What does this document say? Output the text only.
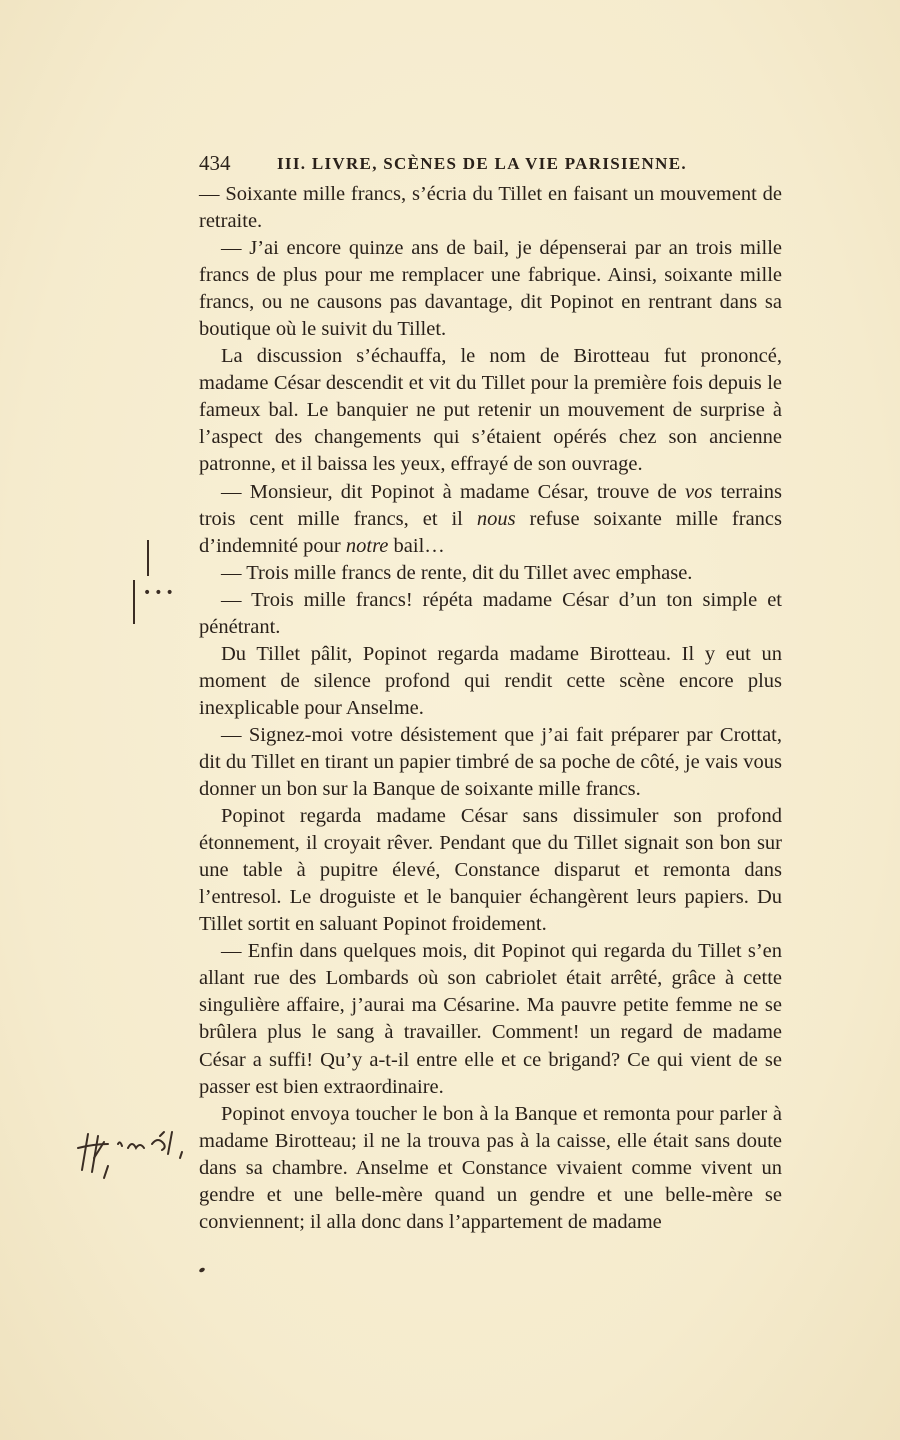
434	III. LIVRE, SCÈNES DE LA VIE PARISIENNE.

— Soixante mille francs, s’écria du Tillet en faisant un mouvement de retraite.

— J’ai encore quinze ans de bail, je dépenserai par an trois mille francs de plus pour me remplacer une fabrique. Ainsi, soixante mille francs, ou ne causons pas davantage, dit Popinot en rentrant dans sa boutique où le suivit du Tillet.

La discussion s’échauffa, le nom de Birotteau fut prononcé, madame César descendit et vit du Tillet pour la première fois depuis le fameux bal. Le banquier ne put retenir un mouvement de surprise à l’aspect des changements qui s’étaient opérés chez son ancienne patronne, et il baissa les yeux, effrayé de son ouvrage.

— Monsieur, dit Popinot à madame César, trouve de vos terrains trois cent mille francs, et il nous refuse soixante mille francs d’indemnité pour notre bail…

— Trois mille francs de rente, dit du Tillet avec emphase.

— Trois mille francs! répéta madame César d’un ton simple et pénétrant.

Du Tillet pâlit, Popinot regarda madame Birotteau. Il y eut un moment de silence profond qui rendit cette scène encore plus inexplicable pour Anselme.

— Signez-moi votre désistement que j’ai fait préparer par Crottat, dit du Tillet en tirant un papier timbré de sa poche de côté, je vais vous donner un bon sur la Banque de soixante mille francs.

Popinot regarda madame César sans dissimuler son profond étonnement, il croyait rêver. Pendant que du Tillet signait son bon sur une table à pupitre élevé, Constance disparut et remonta dans l’entresol. Le droguiste et le banquier échangèrent leurs papiers. Du Tillet sortit en saluant Popinot froidement.

— Enfin dans quelques mois, dit Popinot qui regarda du Tillet s’en allant rue des Lombards où son cabriolet était arrêté, grâce à cette singulière affaire, j’aurai ma Césarine. Ma pauvre petite femme ne se brûlera plus le sang à travailler. Comment! un regard de madame César a suffi! Qu’y a-t-il entre elle et ce brigand? Ce qui vient de se passer est bien extraordinaire.

Popinot envoya toucher le bon à la Banque et remonta pour parler à madame Birotteau; il ne la trouva pas à la caisse, elle était sans doute dans sa chambre. Anselme et Constance vivaient comme vivent un gendre et une belle-mère quand un gendre et une belle-mère se conviennent; il alla donc dans l’appartement de madame

•••
